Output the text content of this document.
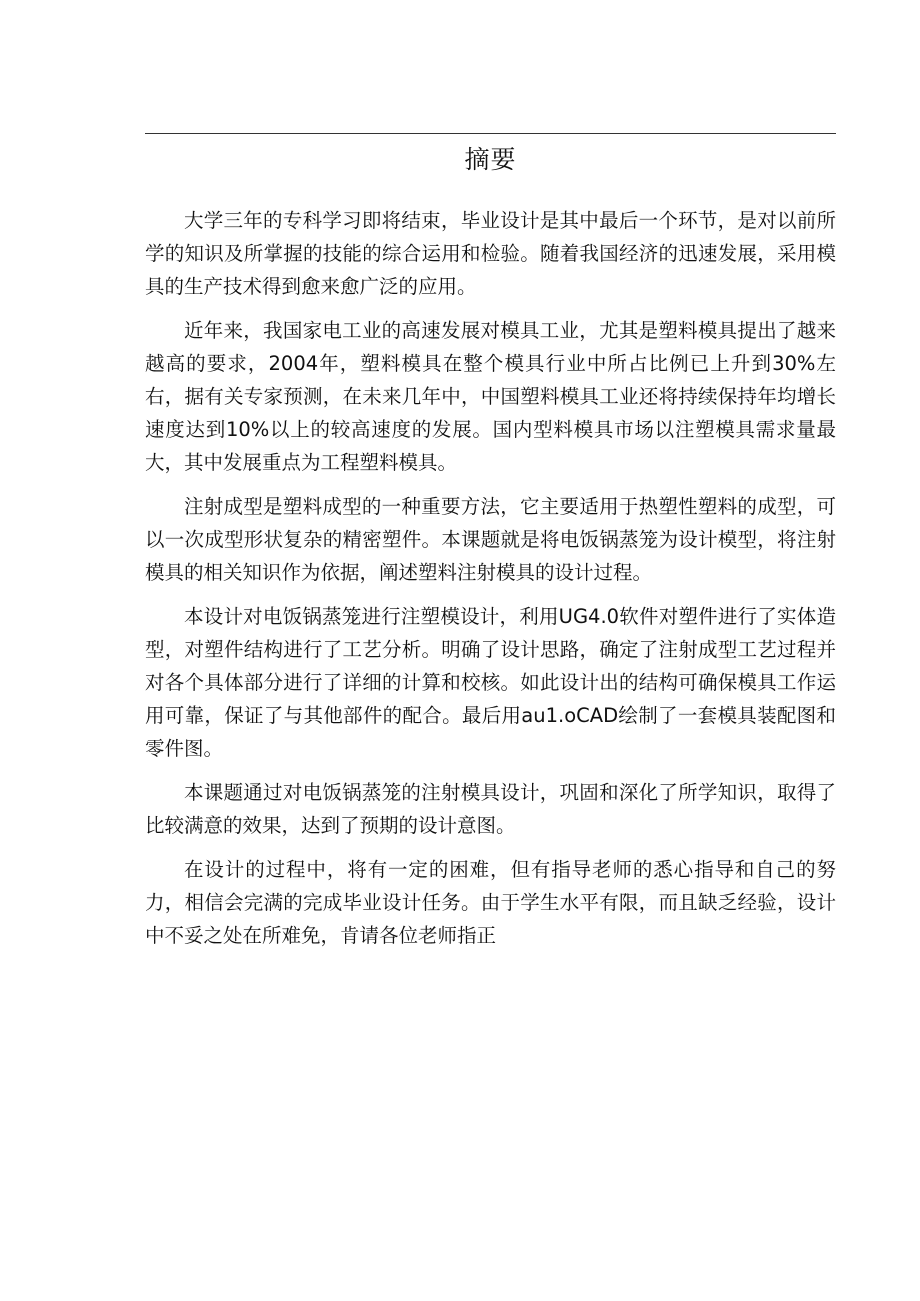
摘要

大学三年的专科学习即将结束，毕业设计是其中最后一个环节，是对以前所学的知识及所掌握的技能的综合运用和检验。随着我国经济的迅速发展，采用模具的生产技术得到愈来愈广泛的应用。

近年来，我国家电工业的高速发展对模具工业，尤其是塑料模具提出了越来越高的要求，2004年，塑料模具在整个模具行业中所占比例已上升到30%左右，据有关专家预测，在未来几年中，中国塑料模具工业还将持续保持年均增长速度达到10%以上的较高速度的发展。国内型料模具市场以注塑模具需求量最大，其中发展重点为工程塑料模具。

注射成型是塑料成型的一种重要方法，它主要适用于热塑性塑料的成型，可以一次成型形状复杂的精密塑件。本课题就是将电饭锅蒸笼为设计模型，将注射模具的相关知识作为依据，阐述塑料注射模具的设计过程。

本设计对电饭锅蒸笼进行注塑模设计，利用UG4.0软件对塑件进行了实体造型，对塑件结构进行了工艺分析。明确了设计思路，确定了注射成型工艺过程并对各个具体部分进行了详细的计算和校核。如此设计出的结构可确保模具工作运用可靠，保证了与其他部件的配合。最后用au1.oCAD绘制了一套模具装配图和零件图。

本课题通过对电饭锅蒸笼的注射模具设计，巩固和深化了所学知识，取得了比较满意的效果，达到了预期的设计意图。

在设计的过程中，将有一定的困难，但有指导老师的悉心指导和自己的努力，相信会完满的完成毕业设计任务。由于学生水平有限，而且缺乏经验，设计中不妥之处在所难免，肯请各位老师指正
